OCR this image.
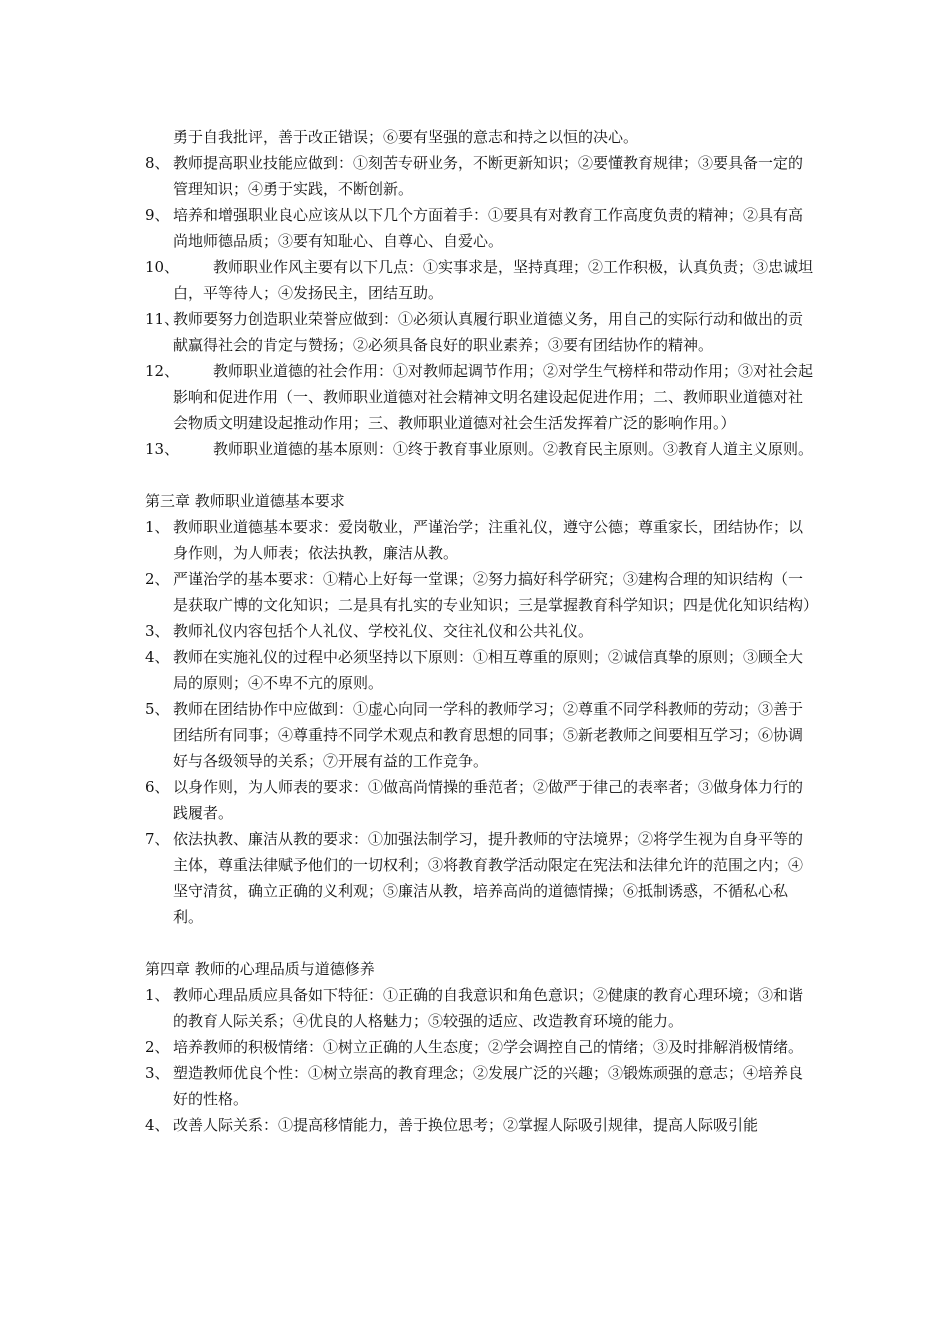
勇于自我批评，善于改正错误；⑥要有坚强的意志和持之以恒的决心。
8、 教师提高职业技能应做到：①刻苦专研业务，不断更新知识；②要懂教育规律；③要具备一定的管理知识；④勇于实践，不断创新。
9、 培养和增强职业良心应该从以下几个方面着手：①要具有对教育工作高度负责的精神；②具有高尚地师德品质；③要有知耻心、自尊心、自爱心。
10、	教师职业作风主要有以下几点：①实事求是，坚持真理；②工作积极，认真负责；③忠诚坦白，平等待人；④发扬民主，团结互助。
11、
教师要努力创造职业荣誉应做到：①必须认真履行职业道德义务，用自己的实际行动和做出的贡献赢得社会的肯定与赞扬；②必须具备良好的职业素养；③要有团结协作的精神。
12、	教师职业道德的社会作用：①对教师起调节作用；②对学生气榜样和带动作用；③对社会起影响和促进作用（一、教师职业道德对社会精神文明名建设起促进作用；二、教师职业道德对社会物质文明建设起推动作用；三、教师职业道德对社会生活发挥着广泛的影响作用。）
13、	教师职业道德的基本原则：①终于教育事业原则。②教育民主原则。③教育人道主义原则。
第三章 教师职业道德基本要求
1、 教师职业道德基本要求：爱岗敬业，严谨治学；注重礼仪，遵守公德；尊重家长，团结协作；以身作则，为人师表；依法执教，廉洁从教。
2、 严谨治学的基本要求：①精心上好每一堂课；②努力搞好科学研究；③建构合理的知识结构（一是获取广博的文化知识；二是具有扎实的专业知识；三是掌握教育科学知识；四是优化知识结构）
3、 教师礼仪内容包括个人礼仪、学校礼仪、交往礼仪和公共礼仪。
4、 教师在实施礼仪的过程中必须坚持以下原则：①相互尊重的原则；②诚信真挚的原则；③顾全大局的原则；④不卑不亢的原则。
5、 教师在团结协作中应做到：①虚心向同一学科的教师学习；②尊重不同学科教师的劳动；③善于团结所有同事；④尊重持不同学术观点和教育思想的同事；⑤新老教师之间要相互学习；⑥协调好与各级领导的关系；⑦开展有益的工作竞争。
6、 以身作则，为人师表的要求：①做高尚情操的垂范者；②做严于律己的表率者；③做身体力行的践履者。
7、 依法执教、廉洁从教的要求：①加强法制学习，提升教师的守法境界；②将学生视为自身平等的主体，尊重法律赋予他们的一切权利；③将教育教学活动限定在宪法和法律允许的范围之内；④坚守清贫，确立正确的义利观；⑤廉洁从教，培养高尚的道德情操；⑥抵制诱惑，不循私心私利。
第四章 教师的心理品质与道德修养
1、 教师心理品质应具备如下特征：①正确的自我意识和角色意识；②健康的教育心理环境；③和谐的教育人际关系；④优良的人格魅力；⑤较强的适应、改造教育环境的能力。
2、 培养教师的积极情绪：①树立正确的人生态度；②学会调控自己的情绪；③及时排解消极情绪。
3、 塑造教师优良个性：①树立崇高的教育理念；②发展广泛的兴趣；③锻炼顽强的意志；④培养良好的性格。
4、 改善人际关系：①提高移情能力，善于换位思考；②掌握人际吸引规律，提高人际吸引能
